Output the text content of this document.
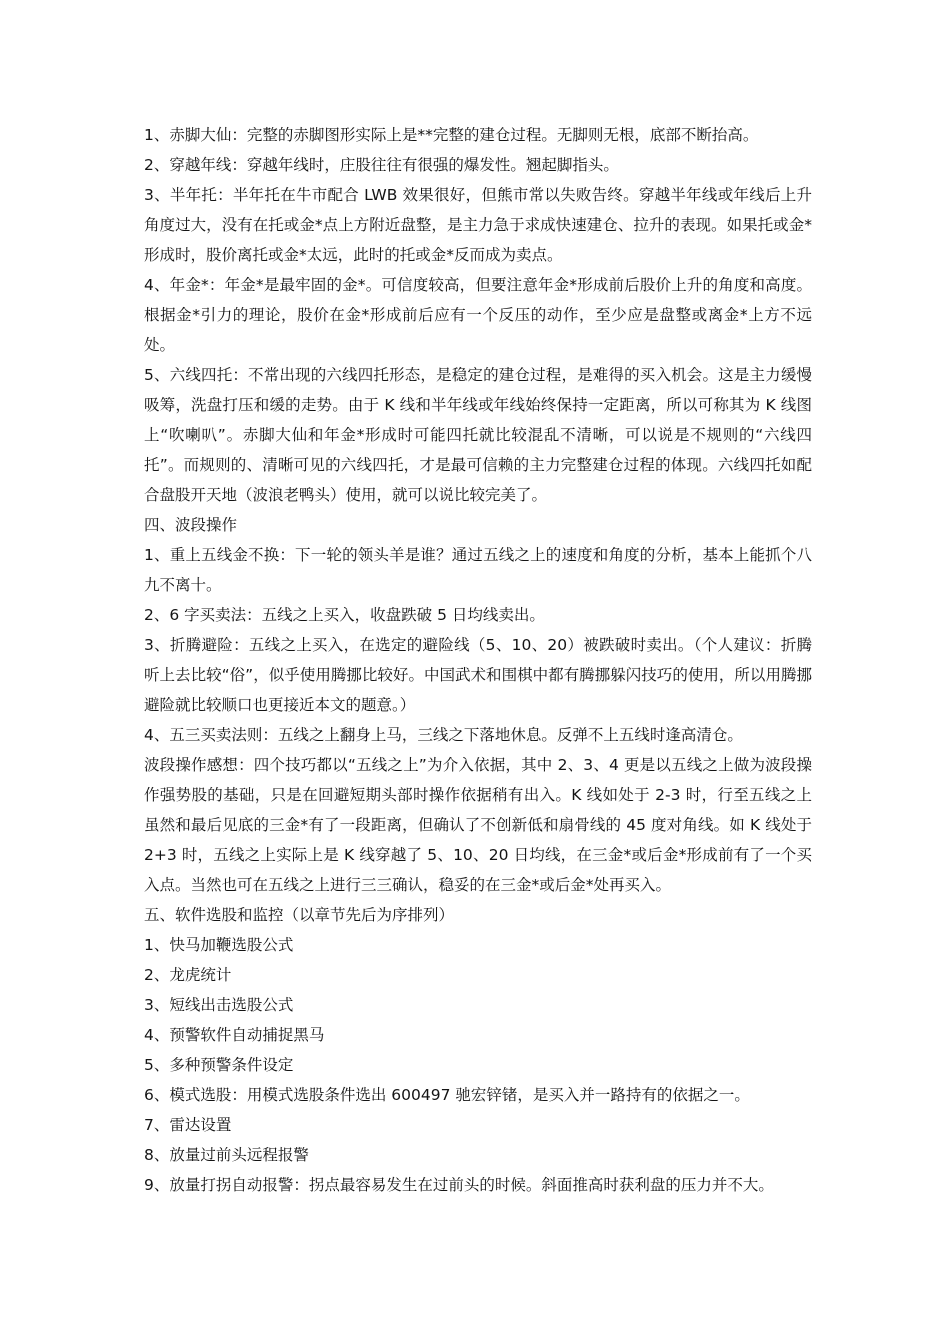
1、赤脚大仙：完整的赤脚图形实际上是**完整的建仓过程。无脚则无根，底部不断抬高。

2、穿越年线：穿越年线时，庄股往往有很强的爆发性。翘起脚指头。

3、半年托：半年托在牛市配合 LWB 效果很好，但熊市常以失败告终。穿越半年线或年线后上升角度过大，没有在托或金*点上方附近盘整，是主力急于求成快速建仓、拉升的表现。如果托或金*形成时，股价离托或金*太远，此时的托或金*反而成为卖点。

4、年金*：年金*是最牢固的金*。可信度较高，但要注意年金*形成前后股价上升的角度和高度。根据金*引力的理论，股价在金*形成前后应有一个反压的动作，至少应是盘整或离金*上方不远处。

5、六线四托：不常出现的六线四托形态，是稳定的建仓过程，是难得的买入机会。这是主力缓慢吸筹，洗盘打压和缓的走势。由于 K 线和半年线或年线始终保持一定距离，所以可称其为 K 线图上“吹喇叭”。赤脚大仙和年金*形成时可能四托就比较混乱不清晰，可以说是不规则的“六线四托”。而规则的、清晰可见的六线四托，才是最可信赖的主力完整建仓过程的体现。六线四托如配合盘股开天地（波浪老鸭头）使用，就可以说比较完美了。

四、波段操作

1、重上五线金不换：下一轮的领头羊是谁？通过五线之上的速度和角度的分析，基本上能抓个八九不离十。

2、6 字买卖法：五线之上买入，收盘跌破 5 日均线卖出。

3、折腾避险：五线之上买入，在选定的避险线（5、10、20）被跌破时卖出。（个人建议：折腾听上去比较“俗”，似乎使用腾挪比较好。中国武术和围棋中都有腾挪躲闪技巧的使用，所以用腾挪避险就比较顺口也更接近本文的题意。）

4、五三买卖法则：五线之上翻身上马，三线之下落地休息。反弹不上五线时逢高清仓。

波段操作感想：四个技巧都以“五线之上”为介入依据，其中 2、3、4 更是以五线之上做为波段操作强势股的基础，只是在回避短期头部时操作依据稍有出入。K 线如处于 2-3 时，行至五线之上虽然和最后见底的三金*有了一段距离，但确认了不创新低和扇骨线的 45 度对角线。如 K 线处于 2+3 时，五线之上实际上是 K 线穿越了 5、10、20 日均线，在三金*或后金*形成前有了一个买入点。当然也可在五线之上进行三三确认，稳妥的在三金*或后金*处再买入。

五、软件选股和监控（以章节先后为序排列）

1、快马加鞭选股公式

2、龙虎统计

3、短线出击选股公式

4、预警软件自动捕捉黑马

5、多种预警条件设定

6、模式选股：用模式选股条件选出 600497 驰宏锌锗，是买入并一路持有的依据之一。

7、雷达设置

8、放量过前头远程报警

9、放量打拐自动报警：拐点最容易发生在过前头的时候。斜面推高时获利盘的压力并不大。
